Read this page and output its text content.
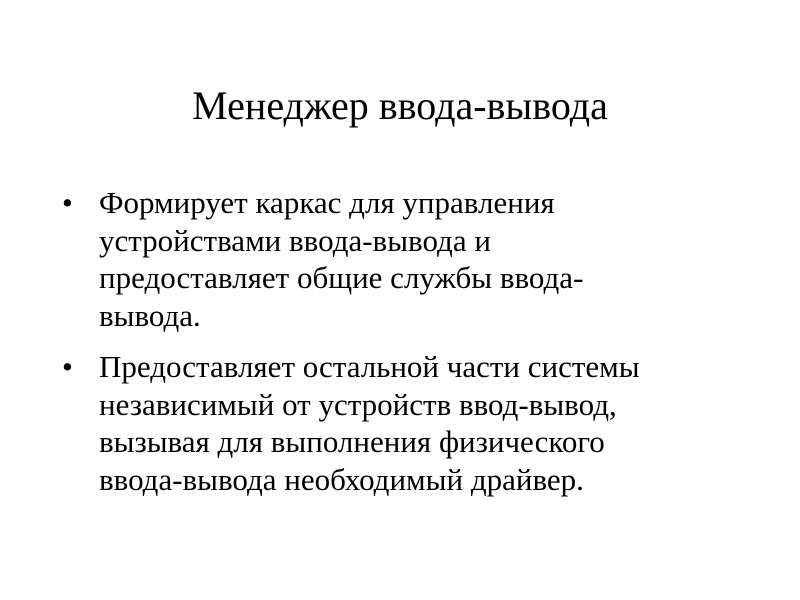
Менеджер ввода-вывода
• Формирует каркас для управления
устройствами ввода-вывода и
предоставляет общие службы ввода-
вывода.
• Предоставляет остальной части системы
независимый от устройств ввод-вывод,
вызывая для выполнения физического
ввода-вывода необходимый драйвер.
